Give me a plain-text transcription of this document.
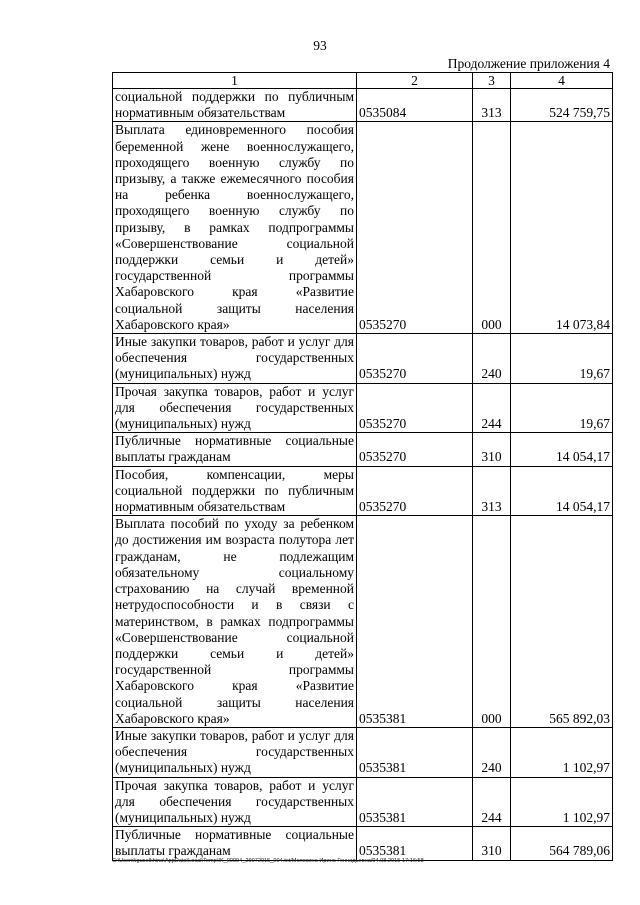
93
Продолжение приложения 4
1	2	3	4
социальной поддержки по публичным нормативным обязательствам	0535084	313	524 759,75
Выплата единовременного пособия беременной жене военнослужащего, проходящего военную службу по призыву, а также ежемесячного пособия на ребенка военнослужащего, проходящего военную службу по призыву, в рамках подпрограммы «Совершенствование социальной поддержки семьи и детей» государственной программы Хабаровского края «Развитие социальной защиты населения Хабаровского края»	0535270	000	14 073,84
Иные закупки товаров, работ и услуг для обеспечения государственных (муниципальных) нужд	0535270	240	19,67
Прочая закупка товаров, работ и услуг для обеспечения государственных (муниципальных) нужд	0535270	244	19,67
Публичные нормативные социальные выплаты гражданам	0535270	310	14 054,17
Пособия, компенсации, меры социальной поддержки по публичным нормативным обязательствам	0535270	313	14 054,17
Выплата пособий по уходу за ребенком до достижения им возраста полутора лет гражданам, не подлежащим обязательному социальному страхованию на случай временной нетрудоспособности и в связи с материнством, в рамках подпрограммы «Совершенствование социальной поддержки семьи и детей» государственной программы Хабаровского края «Развитие социальной защиты населения Хабаровского края»	0535381	000	565 892,03
Иные закупки товаров, работ и услуг для обеспечения государственных (муниципальных) нужд	0535381	240	1 102,97
Прочая закупка товаров, работ и услуг для обеспечения государственных (муниципальных) нужд	0535381	244	1 102,97
Публичные нормативные социальные выплаты гражданам	0535381	310	564 789,06
C:\Users\iguselkhina\AppData\Local\Temp\IK_00094_29072015_004.txt/Мелехина Ирина Геннадьевна/04.08.2015 17:16:58
